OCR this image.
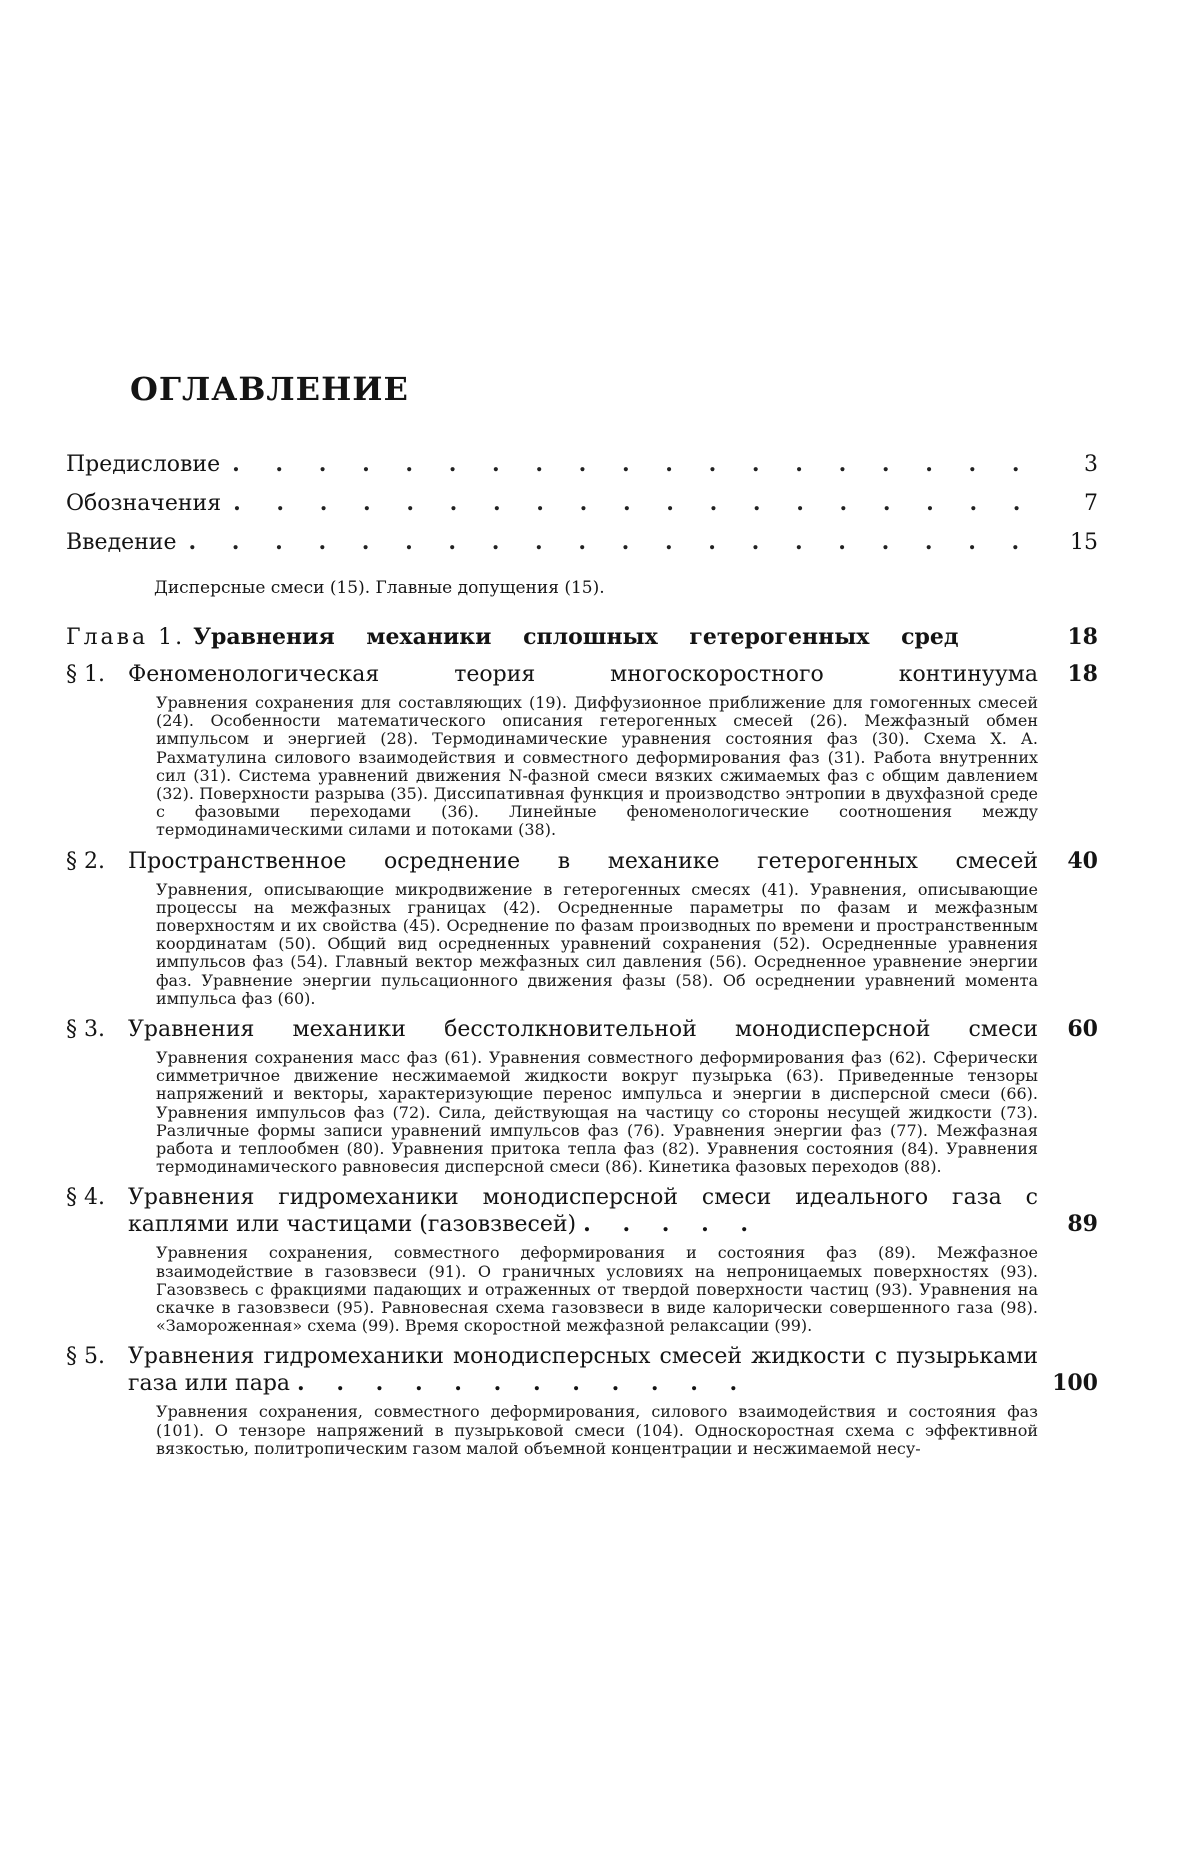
ОГЛАВЛЕНИЕ
Предисловие . . .	3
Обозначения . . .	7
Введение . . .	15
Дисперсные смеси (15). Главные допущения (15).
Глава 1. Уравнения механики сплошных гетерогенных сред	18
§ 1.	Феноменологическая теория многоскоростного континуума	18
Уравнения сохранения для составляющих (19). Диффузионное приближение для гомогенных смесей (24). Особенности математического описания гетерогенных смесей (26). Межфазный обмен импульсом и энергией (28). Термодинамические уравнения состояния фаз (30). Схема Х. А. Рахматулина силового взаимодействия и совместного деформирования фаз (31). Работа внутренних сил (31). Система уравнений движения N-фазной смеси вязких сжимаемых фаз с общим давлением (32). Поверхности разрыва (35). Диссипативная функция и производство энтропии в двухфазной среде с фазовыми переходами (36). Линейные феноменологические соотношения между термодинамическими силами и потоками (38).
§ 2.	Пространственное осреднение в механике гетерогенных смесей	40
Уравнения, описывающие микродвижение в гетерогенных смесях (41). Уравнения, описывающие процессы на межфазных границах (42). Осредненные параметры по фазам и межфазным поверхностям и их свойства (45). Осреднение по фазам производных по времени и пространственным координатам (50). Общий вид осредненных уравнений сохранения (52). Осредненные уравнения импульсов фаз (54). Главный вектор межфазных сил давления (56). Осредненное уравнение энергии фаз. Уравнение энергии пульсационного движения фазы (58). Об осреднении уравнений момента импульса фаз (60).
§ 3.	Уравнения механики бесстолкновительной монодисперсной смеси	60
Уравнения сохранения масс фаз (61). Уравнения совместного деформирования фаз (62). Сферически симметричное движение несжимаемой жидкости вокруг пузырька (63). Приведенные тензоры напряжений и векторы, характеризующие перенос импульса и энергии в дисперсной смеси (66). Уравнения импульсов фаз (72). Сила, действующая на частицу со стороны несущей жидкости (73). Различные формы записи уравнений импульсов фаз (76). Уравнения энергии фаз (77). Межфазная работа и теплообмен (80). Уравнения притока тепла фаз (82). Уравнения состояния (84). Уравнения термодинамического равновесия дисперсной смеси (86). Кинетика фазовых переходов (88).
§ 4.	Уравнения гидромеханики монодисперсной смеси идеального газа с каплями или частицами (газовзвесей) . . . . .	89
Уравнения сохранения, совместного деформирования и состояния фаз (89). Межфазное взаимодействие в газовзвеси (91). О граничных условиях на непроницаемых поверхностях (93). Газовзвесь с фракциями падающих и отраженных от твердой поверхности частиц (93). Уравнения на скачке в газовзвеси (95). Равновесная схема газовзвеси в виде калорически совершенного газа (98). «Замороженная» схема (99). Время скоростной межфазной релаксации (99).
§ 5.	Уравнения гидромеханики монодисперсных смесей жидкости с пузырьками газа или пара . . . . . . . . . . . .	100
Уравнения сохранения, совместного деформирования, силового взаимодействия и состояния фаз (101). О тензоре напряжений в пузырьковой смеси (104). Односкоростная схема с эффективной вязкостью, политропическим газом малой объемной концентрации и несжимаемой несу-
